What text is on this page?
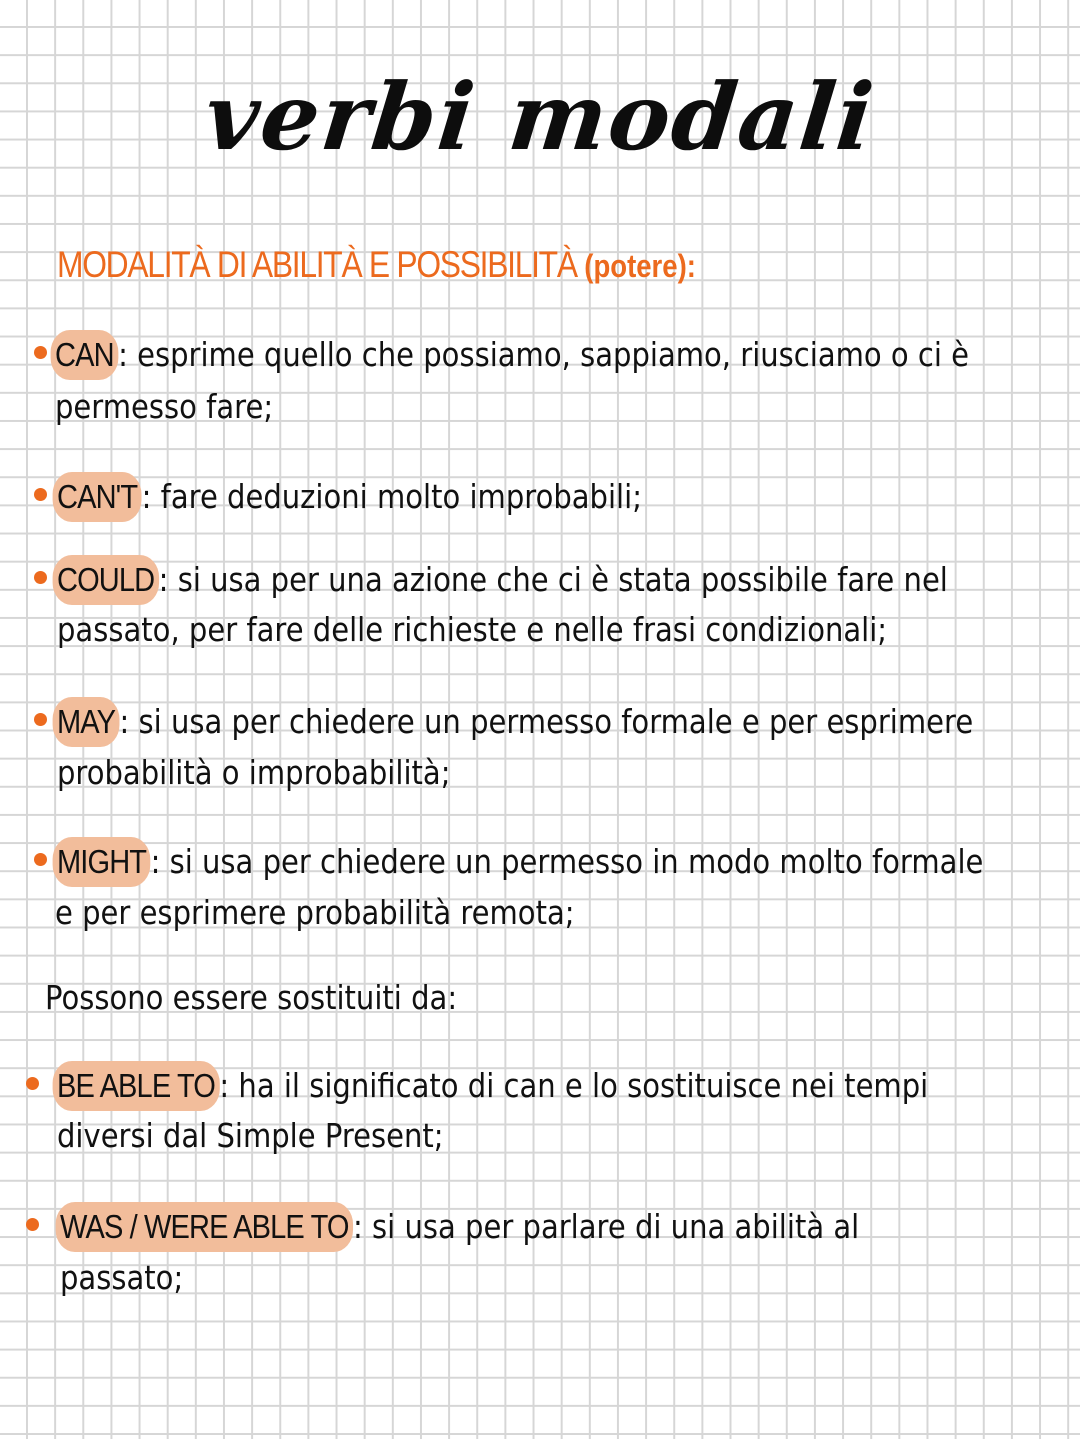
verbi modali
MODALITÀ DI ABILITÀ E POSSIBILITÀ (potere):
CAN : esprime quello che possiamo, sappiamo, riusciamo o ci è
permesso fare;
CAN'T : fare deduzioni molto improbabili;
COULD : si usa per una azione che ci è stata possibile fare nel
passato, per fare delle richieste e nelle frasi condizionali;
MAY : si usa per chiedere un permesso formale e per esprimere
probabilità o improbabilità;
MIGHT : si usa per chiedere un permesso in modo molto formale
e per esprimere probabilità remota;
Possono essere sostituiti da:
BE ABLE TO : ha il significato di can e lo sostituisce nei tempi
diversi dal Simple Present;
WAS / WERE ABLE TO : si usa per parlare di una abilità al
passato;
